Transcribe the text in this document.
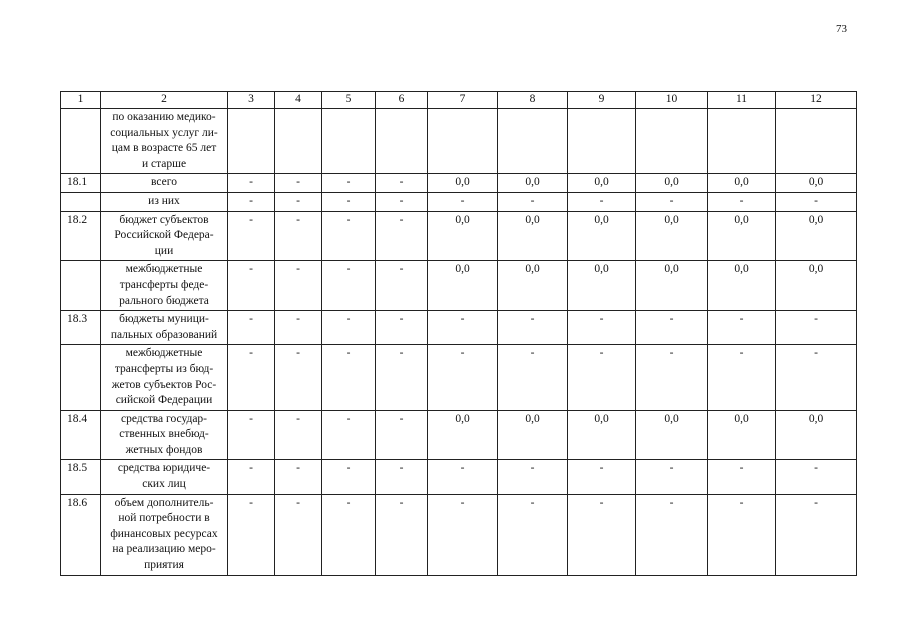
73
1	2	3	4	5	6	7	8	9	10	11	12

	по оказанию медико-
социальных услуг ли-
цам в возрасте 65 лет
и старше										

18.1	всего	-	-	-	-	0,0	0,0	0,0	0,0	0,0	0,0

	из них	-	-	-	-	-	-	-	-	-	-
18.2	бюджет субъектов
Российской Федера-
ции	-	-	-	-	0,0	0,0	0,0	0,0	0,0	0,0

	межбюджетные
трансферты феде-
рального бюджета	-	-	-	-	0,0	0,0	0,0	0,0	0,0	0,0
18.3	бюджеты муници-
пальных образований	-	-	-	-	-	-	-	-	-	-

	межбюджетные
трансферты из бюд-
жетов субъектов Рос-
сийской Федерации	-	-	-	-	-	-	-	-	-	-
18.4	средства государ-
ственных внебюд-
жетных фондов	-	-	-	-	0,0	0,0	0,0	0,0	0,0	0,0
18.5	средства юридиче-
ских лиц	-	-	-	-	-	-	-	-	-	-
18.6	объем дополнитель-
ной потребности в
финансовых ресурсах
на реализацию меро-
приятия	-	-	-	-	-	-	-	-	-	-
